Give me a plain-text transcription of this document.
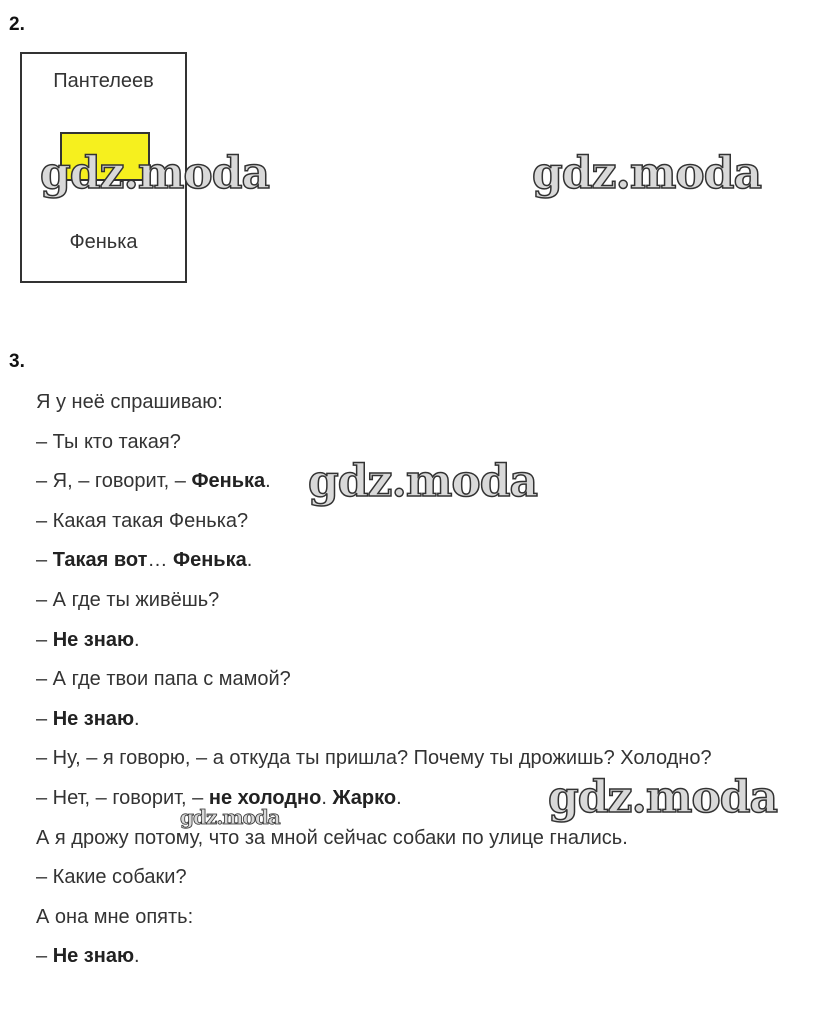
2.
Пантелеев
Фенька
3.
Я у неё спрашиваю:
– Ты кто такая?
– Я, – говорит, – Фенька.
– Какая такая Фенька?
– Такая вот… Фенька.
– А где ты живёшь?
– Не знаю.
– А где твои папа с мамой?
– Не знаю.
– Ну, – я говорю, – а откуда ты пришла? Почему ты дрожишь? Холодно?
– Нет, – говорит, – не холодно. Жарко.
А я дрожу потому, что за мной сейчас собаки по улице гнались.
– Какие собаки?
А она мне опять:
– Не знаю.
gdz.moda	gdz.moda
gdz.moda
gdz.moda
gdz.moda
